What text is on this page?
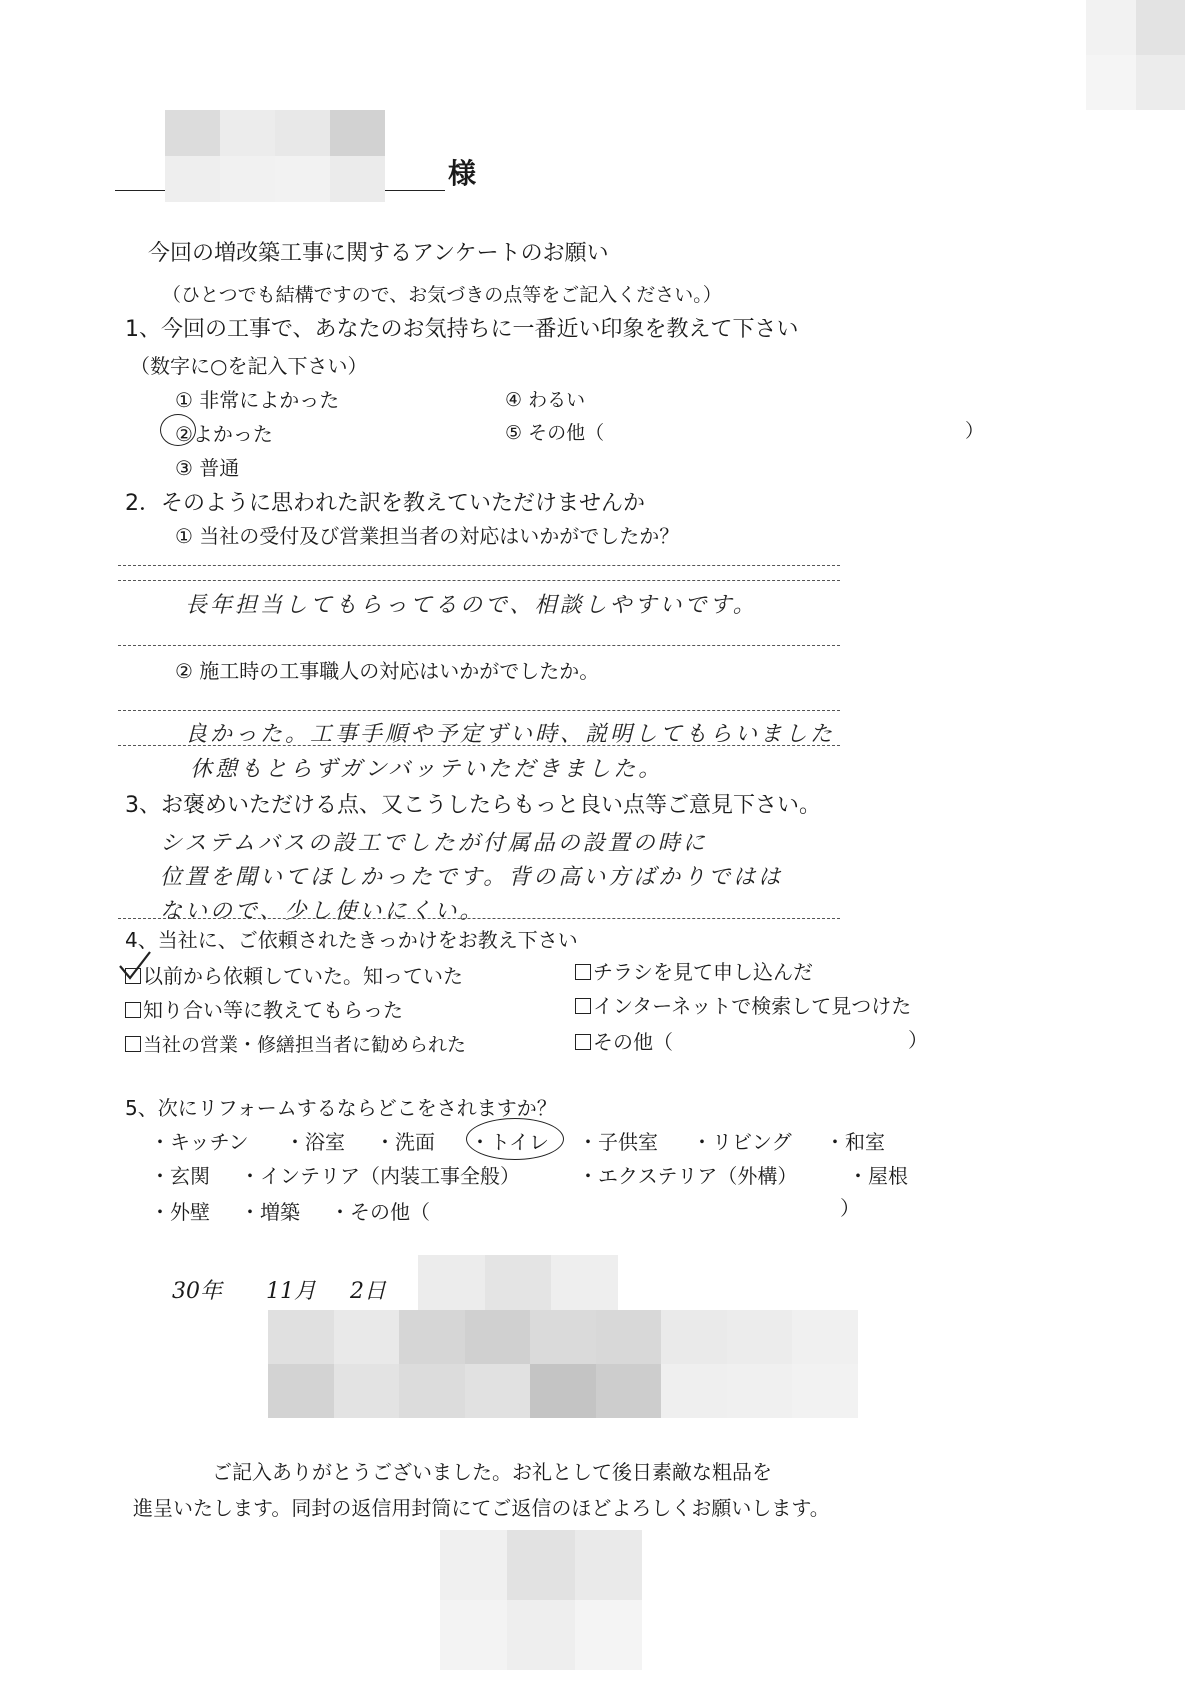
様
今回の増改築工事に関するアンケートのお願い
（ひとつでも結構ですので、お気づきの点等をご記入ください。）
1、今回の工事で、あなたのお気持ちに一番近い印象を教えて下さい
（数字に○を記入下さい）
① 非常によかった
②よかった
③ 普通
④ わるい
⑤ その他（	）
2．そのように思われた訳を教えていただけませんか
① 当社の受付及び営業担当者の対応はいかがでしたか？
長年担当してもらってるので、相談しやすいです。
② 施工時の工事職人の対応はいかがでしたか。
良かった。工事手順や予定ずい時、説明してもらいました
休憩もとらずガンバッテいただきました。
3、お褒めいただける点、又こうしたらもっと良い点等ご意見下さい。
システムバスの設工でしたが付属品の設置の時に
位置を聞いてほしかったです。背の高い方ばかりではは
ないので、少し使いにくい。
4、当社に、ご依頼されたきっかけをお教え下さい
以前から依頼していた。知っていた	チラシを見て申し込んだ
知り合い等に教えてもらった	インターネットで検索して見つけた
当社の営業・修繕担当者に勧められた	その他（	）
5、次にリフォームするならどこをされますか？
・キッチン ・浴室 ・洗面 ・トイレ ・子供室 ・リビング ・和室
・玄関 ・インテリア（内装工事全般）	・エクステリア（外構）	・屋根
・外壁 ・増築 ・その他（	）
30年 11月 2日
ご記入ありがとうございました。お礼として後日素敵な粗品を
進呈いたします。同封の返信用封筒にてご返信のほどよろしくお願いします。
